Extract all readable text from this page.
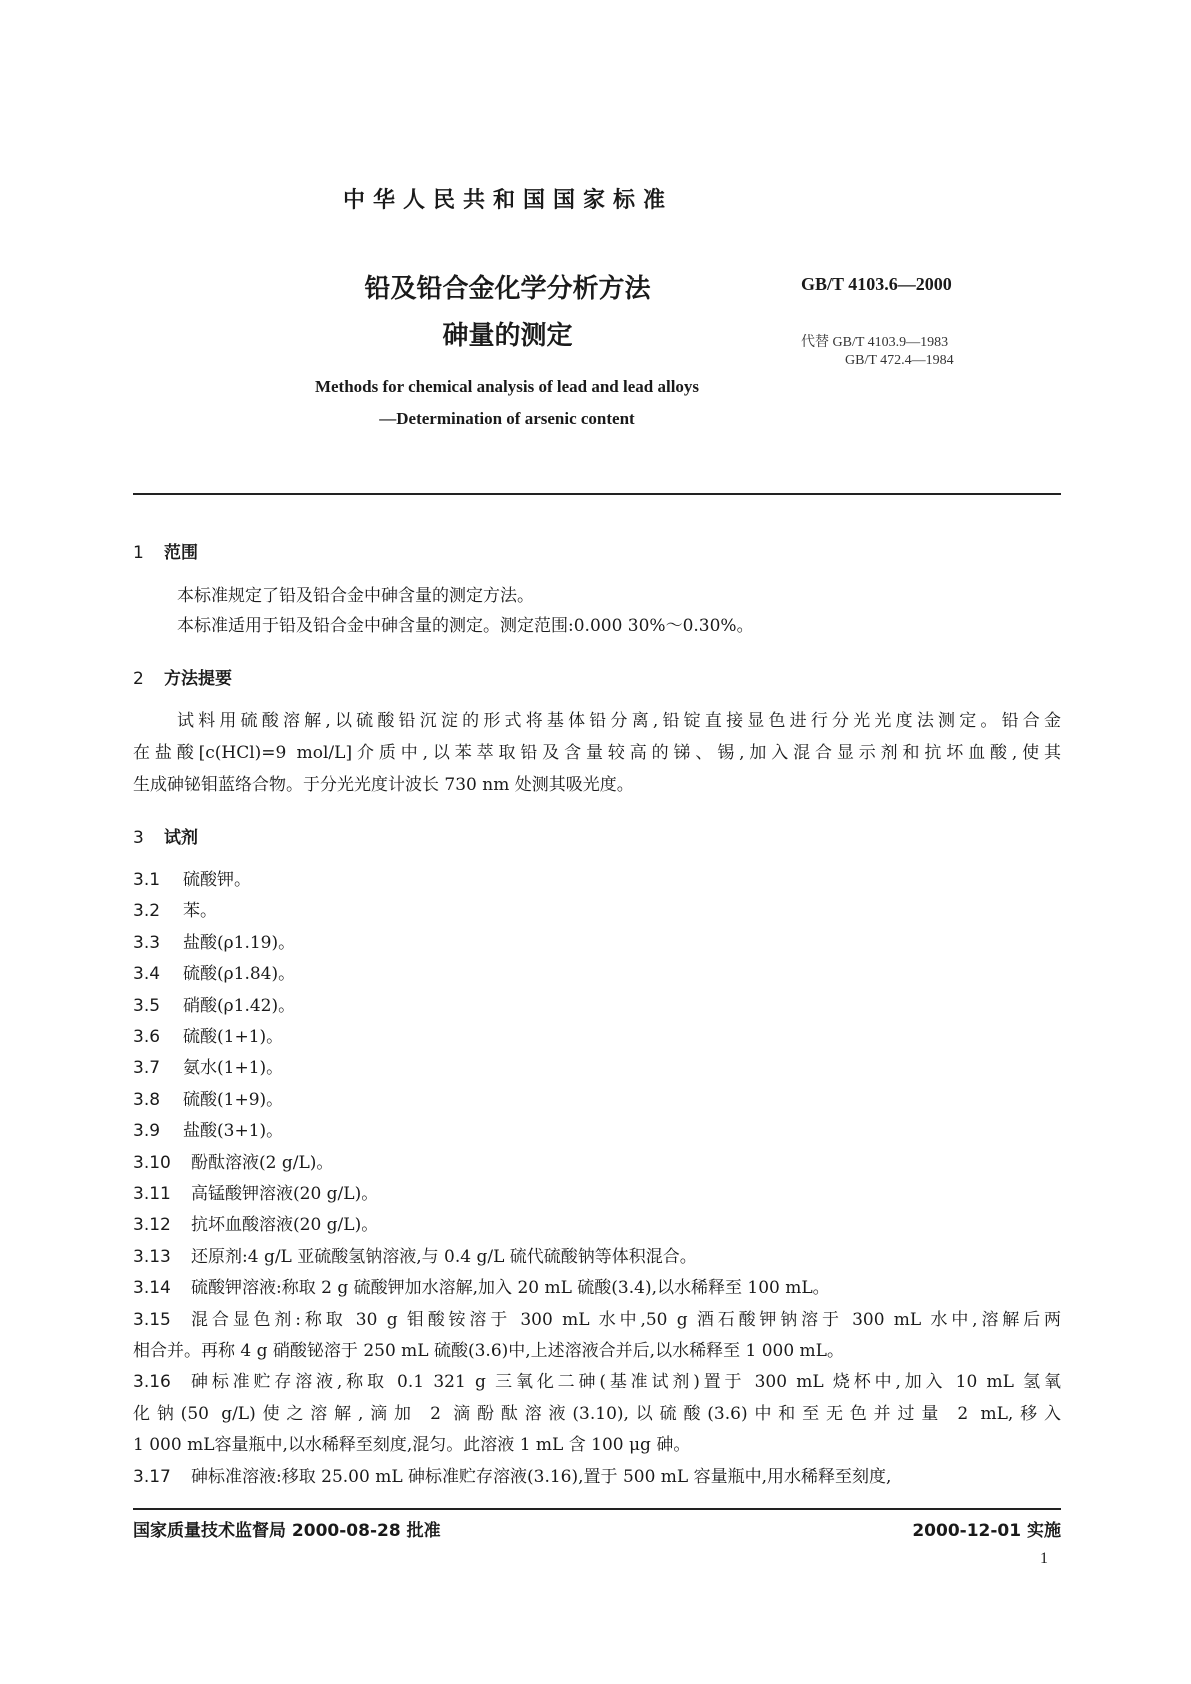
中华人民共和国国家标准
铅及铅合金化学分析方法
砷量的测定
GB/T 4103.6—2000
代替 GB/T 4103.9—1983
GB/T 472.4—1984
Methods for chemical analysis of lead and lead alloys
—Determination of arsenic content
1 范围
2 方法提要
3 试剂
本标准规定了铅及铅合金中砷含量的测定方法。
本标准适用于铅及铅合金中砷含量的测定。测定范围:0.000 30%～0.30%。
试料用硫酸溶解,以硫酸铅沉淀的形式将基体铅分离,铅锭直接显色进行分光光度法测定。铅合金
在盐酸[c(HCl)=9 mol/L]介质中,以苯萃取铅及含量较高的锑、锡,加入混合显示剂和抗坏血酸,使其
生成砷铋钼蓝络合物。于分光光度计波长 730 nm 处测其吸光度。
3.1 硫酸钾。
3.2 苯。
3.3 盐酸(ρ1.19)。
3.4 硫酸(ρ1.84)。
3.5 硝酸(ρ1.42)。
3.6 硫酸(1+1)。
3.7 氨水(1+1)。
3.8 硫酸(1+9)。
3.9 盐酸(3+1)。
3.10 酚酞溶液(2 g/L)。
3.11 高锰酸钾溶液(20 g/L)。
3.12 抗坏血酸溶液(20 g/L)。
3.13 还原剂:4 g/L 亚硫酸氢钠溶液,与 0.4 g/L 硫代硫酸钠等体积混合。
3.14 硫酸钾溶液:称取 2 g 硫酸钾加水溶解,加入 20 mL 硫酸(3.4),以水稀释至 100 mL。
3.15	混合显色剂:称取 30 g 钼酸铵溶于 300 mL 水中,50 g 酒石酸钾钠溶于 300 mL 水中,溶解后两
相合并。再称 4 g 硝酸铋溶于 250 mL 硫酸(3.6)中,上述溶液合并后,以水稀释至 1 000 mL。
3.16	砷标准贮存溶液,称取 0.1 321 g 三氧化二砷(基准试剂)置于 300 mL 烧杯中,加入 10 mL 氢氧
化钠(50 g/L)使之溶解,滴加 2 滴酚酞溶液(3.10),以硫酸(3.6)中和至无色并过量 2 mL,移入
1 000 mL容量瓶中,以水稀释至刻度,混匀。此溶液 1 mL 含 100 μg 砷。
3.17 砷标准溶液:移取 25.00 mL 砷标准贮存溶液(3.16),置于 500 mL 容量瓶中,用水稀释至刻度,
国家质量技术监督局 2000-08-28 批准	2000-12-01 实施
1
